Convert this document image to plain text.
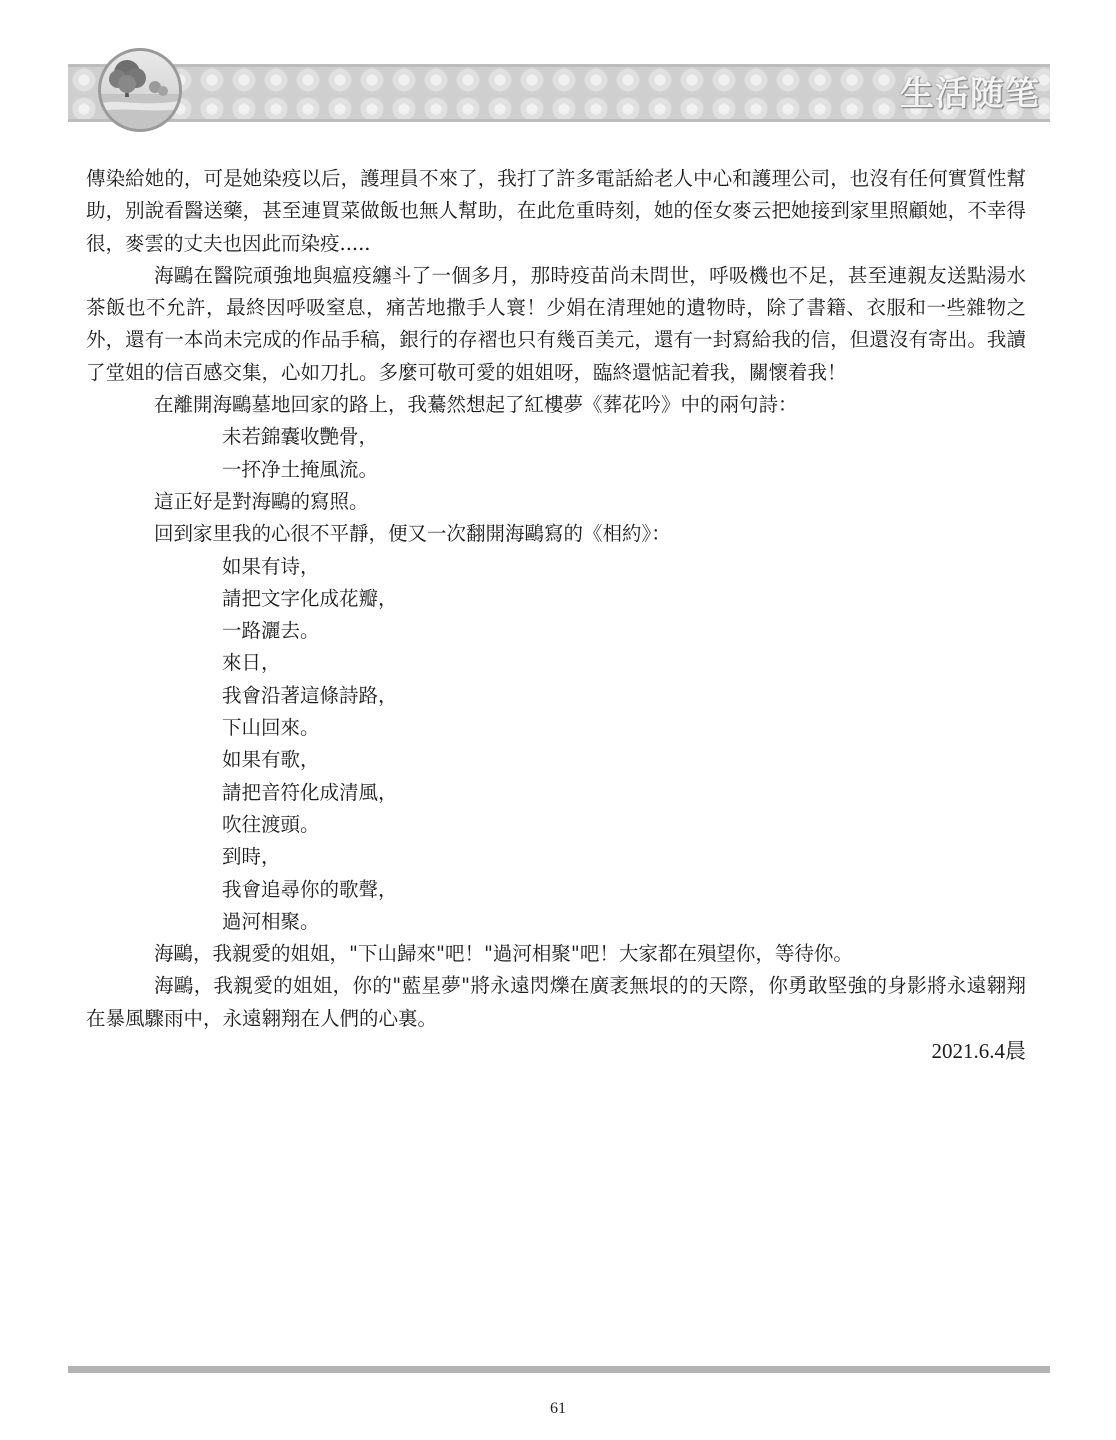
生活随笔

傳染給她的，可是她染疫以后，護理員不來了，我打了許多電話給老人中心和護理公司，也沒有任何實質性幫助，别說看醫送藥，甚至連買菜做飯也無人幫助，在此危重時刻，她的侄女麥云把她接到家里照顧她，不幸得很，麥雲的丈夫也因此而染疫.....

海鷗在醫院頑強地與瘟疫纏斗了一個多月，那時疫苗尚未問世，呼吸機也不足，甚至連親友送點湯水茶飯也不允許，最終因呼吸窒息，痛苦地撒手人寰！少娟在清理她的遺物時，除了書籍、衣服和一些雜物之外，還有一本尚未完成的作品手稿，銀行的存褶也只有幾百美元，還有一封寫給我的信，但還沒有寄出。我讀了堂姐的信百感交集，心如刀扎。多麼可敬可愛的姐姐呀，臨終還惦記着我，關懷着我！

在離開海鷗墓地回家的路上，我驀然想起了紅樓夢《葬花吟》中的兩句詩：

未若錦囊收艷骨，

一抔净土掩風流。

這正好是對海鷗的寫照。

回到家里我的心很不平靜，便又一次翻開海鷗寫的《相約》：

如果有诗，

請把文字化成花瓣，

一路灑去。

來日，

我會沿著這條詩路，

下山回來。

如果有歌，

請把音符化成清風，

吹往渡頭。

到時，

我會追尋你的歌聲，

過河相聚。

海鷗，我親愛的姐姐，"下山歸來"吧！"過河相聚"吧！大家都在殞望你，等待你。

海鷗，我親愛的姐姐，你的"藍星夢"將永遠閃爍在廣袤無垠的的天際，你勇敢堅強的身影將永遠翱翔在暴風驟雨中，永遠翱翔在人們的心裏。

2021.6.4晨

61
